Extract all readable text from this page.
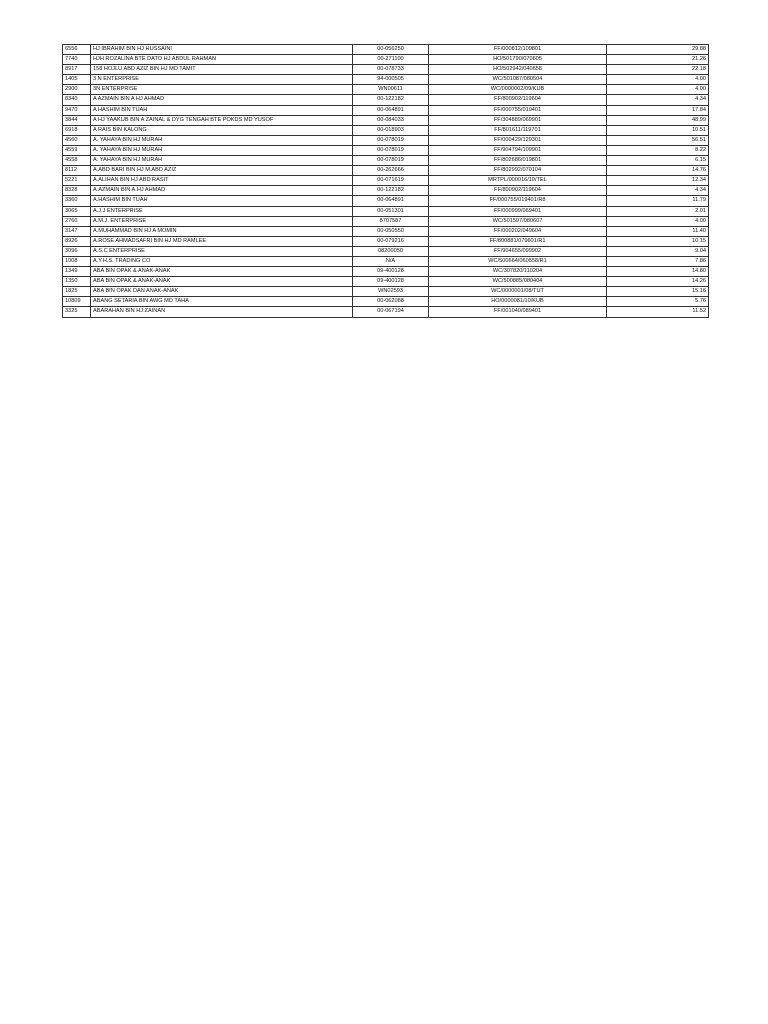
6556	HJ IBRAHIM BIN HJ HUSSAINI	00-056250	FF/000812/109801	29.88
7740	HJH ROZALINA BTE DATO HJ ABDUL RAHMAN	00-271100	HO/501790/070605	21.26
8917	158 HOJLU ABD AZIZ BIN HJ MD TAMIT	00-078733	HO/502942/040658	22.18
1405	3 N ENTERPRISE	94-000505	WC/501087/080504	4.00
2900	3N ENTERPRISE	WN00611	WC/0000002/09/KUB	4.00
8340	A AZMAIN BIN A HJ AHMAD	00-122182	FF/800902/119604	4.34
9470	A HASHIM BIN TUAH	00-064891	FF/000755/019401	17.84
3844	A HJ YAAKUB BIN A ZAINAL & DYG TENGAH BTE POKDS MD YUSOF	00-084033	FF/304889/069901	48.99
6918	A RAIS BIN KALONG	00-018903	FF/801611/119701	10.51
4560	A. YAHAYA BIN HJ MURAH	00-078019	FF/000429/129301	56.51
4559	A. YAHAYA BIN HJ MURAH	00-078019	FF/904794/109901	8.22
4558	A. YAHAYA BIN HJ MURAH	00-078019	FF/802686/019801	6.15
8112	A.ABD BARI BIN HJ M.ABD AZIZ	00-262666	FF/802992/070104	14.76
5221	A.ALIHAN BIN HJ ABD RASIT	00-071619	MRTPL/000016/10/TEL	12.34
8328	A.AZMAIN BIN A.HJ AHMAD	00-122182	FF/800902/119604	4.34
3360	A.HASHIM BIN TUAH	00-064891	FF/000755/019401/R8	11.79
3065	A.J.J ENTERPRISE	00-051301	FF/000999/069401	2.01
2760	A.M.J. ENTERPRISE	8707587	WC/501597/080607	4.00
3147	A.MUHAMMAD BIN HJ A MOMIN	00-050550	FF/000202/049604	11.40
8926	A.ROSE AHMADSAFRI BIN HJ MD RAMLEE	00-079216	FF/800881/079601/R1	10.15
3096	A.S.C ENTERPRISE	08200050	FF/904655/099902	9.04
1008	A.Y.H.S. TRADING CO	N/A	WC/500664/060558/R1	7.86
1349	ABA BIN OPAK & ANAK-ANAK	09-400128	WC/307820/110204	14.80
1350	ABA BIN OPAK & ANAK-ANAK	09-400128	WC/500885/080404	14.26
1825	ABA BIN OPAK DAN ANAK-ANAK	WN02593	WC/0000001/08/TUT	15.16
10809	ABANG SETARIA BIN AWG MD TAHA	00-062088	HO/0000081/10/KUB	5.76
3325	ABARAHAN BIN HJ ZAINAN	00-067194	FF/001040/089401	11.52
